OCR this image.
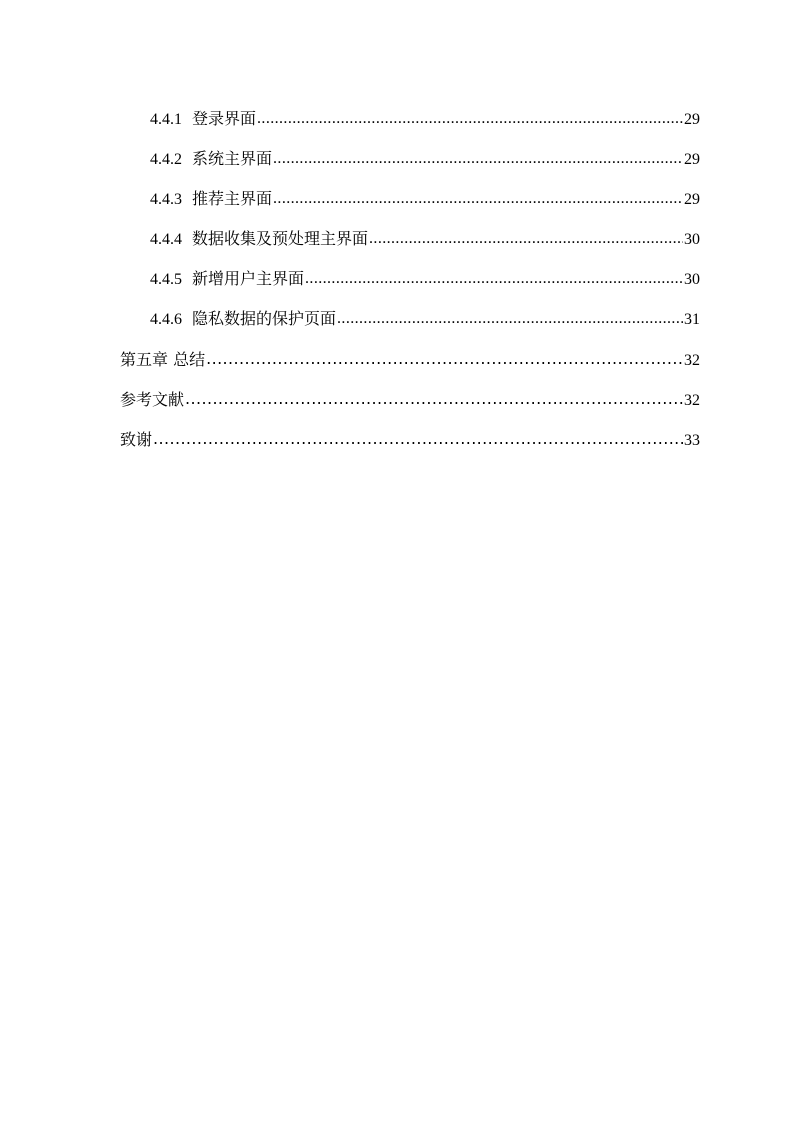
4.4.1 登录界面 .....	29
4.4.2 系统主界面 .....	29
4.4.3 推荐主界面 .....	29
4.4.4 数据收集及预处理主界面 .....	30
4.4.5 新增用户主界面 .....	30
4.4.6 隐私数据的保护页面 .....	31
第五章 总结 .....	32
参考文献 .....	32
致谢 .....	33
